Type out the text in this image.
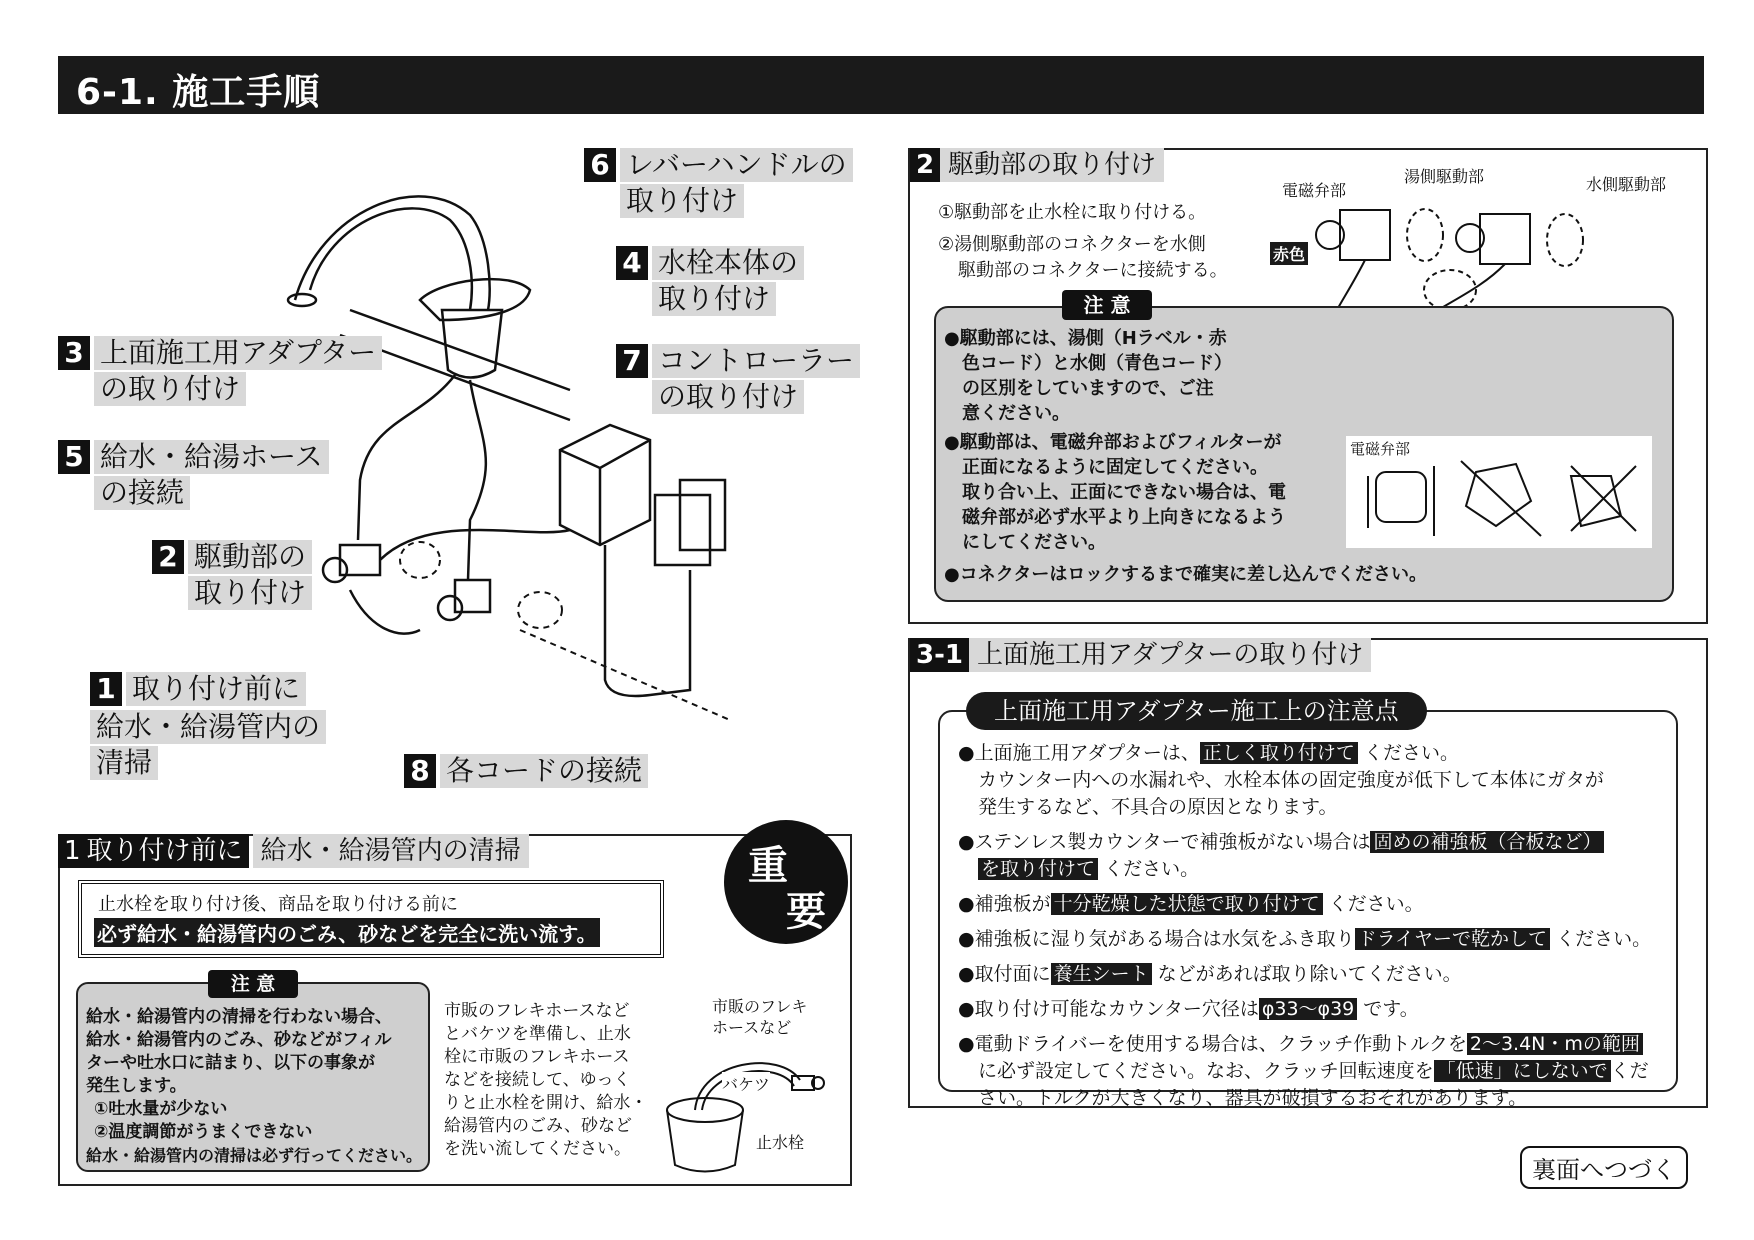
6-1. 施工手順
6 レバーハンドルの
取り付け
4 水栓本体の
取り付け
3 上面施工用アダプター
の取り付け
7 コントローラー
の取り付け
5 給水・給湯ホース
の接続
2 駆動部の
取り付け
1 取り付け前に
給水・給湯管内の
清掃	8 各コードの接続
1 取り付け前に 給水・給湯管内の清掃	重
要
止水栓を取り付け後、商品を取り付ける前に
必ず給水・給湯管内のごみ、砂などを完全に洗い流す。
注 意
給水・給湯管内の清掃を行わない場合、
給水・給湯管内のごみ、砂などがフィル
ターや吐水口に詰まり、以下の事象が
発生します。
①吐水量が少ない
②温度調節がうまくできない
給水・給湯管内の清掃は必ず行ってください。
市販のフレキホースなど
とバケツを準備し、止水
栓に市販のフレキホース
などを接続して、ゆっく
りと止水栓を開け、給水・
給湯管内のごみ、砂など
を洗い流してください。
市販のフレキ
ホースなど
バケツ
止水栓
2 駆動部の取り付け
①駆動部を止水栓に取り付ける。
②湯側駆動部のコネクターを水側
駆動部のコネクターに接続する。
電磁弁部
湯側駆動部	水側駆動部
赤色
注 意
●駆動部には、湯側（Hラベル・赤
色コード）と水側（青色コード）
の区別をしていますので、ご注
意ください。
●駆動部は、電磁弁部およびフィルターが
正面になるように固定してください。
取り合い上、正面にできない場合は、電
磁弁部が必ず水平より上向きになるよう
にしてください。
●コネクターはロックするまで確実に差し込んでください。
電磁弁部
3-1 上面施工用アダプターの取り付け
上面施工用アダプター施工上の注意点
●上面施工用アダプターは、 正しく取り付けて ください。
カウンター内への水漏れや、水栓本体の固定強度が低下して本体にガタが
発生するなど、不具合の原因となります。
●ステンレス製カウンターで補強板がない場合は 固めの補強板（合板など）
を取り付けて ください。
●補強板が 十分乾燥した状態で取り付けて ください。
●補強板に湿り気がある場合は水気をふき取り ドライヤーで乾かして ください。
●取付面に 養生シート などがあれば取り除いてください。
●取り付け可能なカウンター穴径は φ33～φ39 です。
●電動ドライバーを使用する場合は、クラッチ作動トルクを 2～3.4N・mの範囲
に必ず設定してください。なお、クラッチ回転速度を 「低速」にしないで くだ
さい。トルクが大きくなり、器具が破損するおそれがあります。
裏面へつづく
